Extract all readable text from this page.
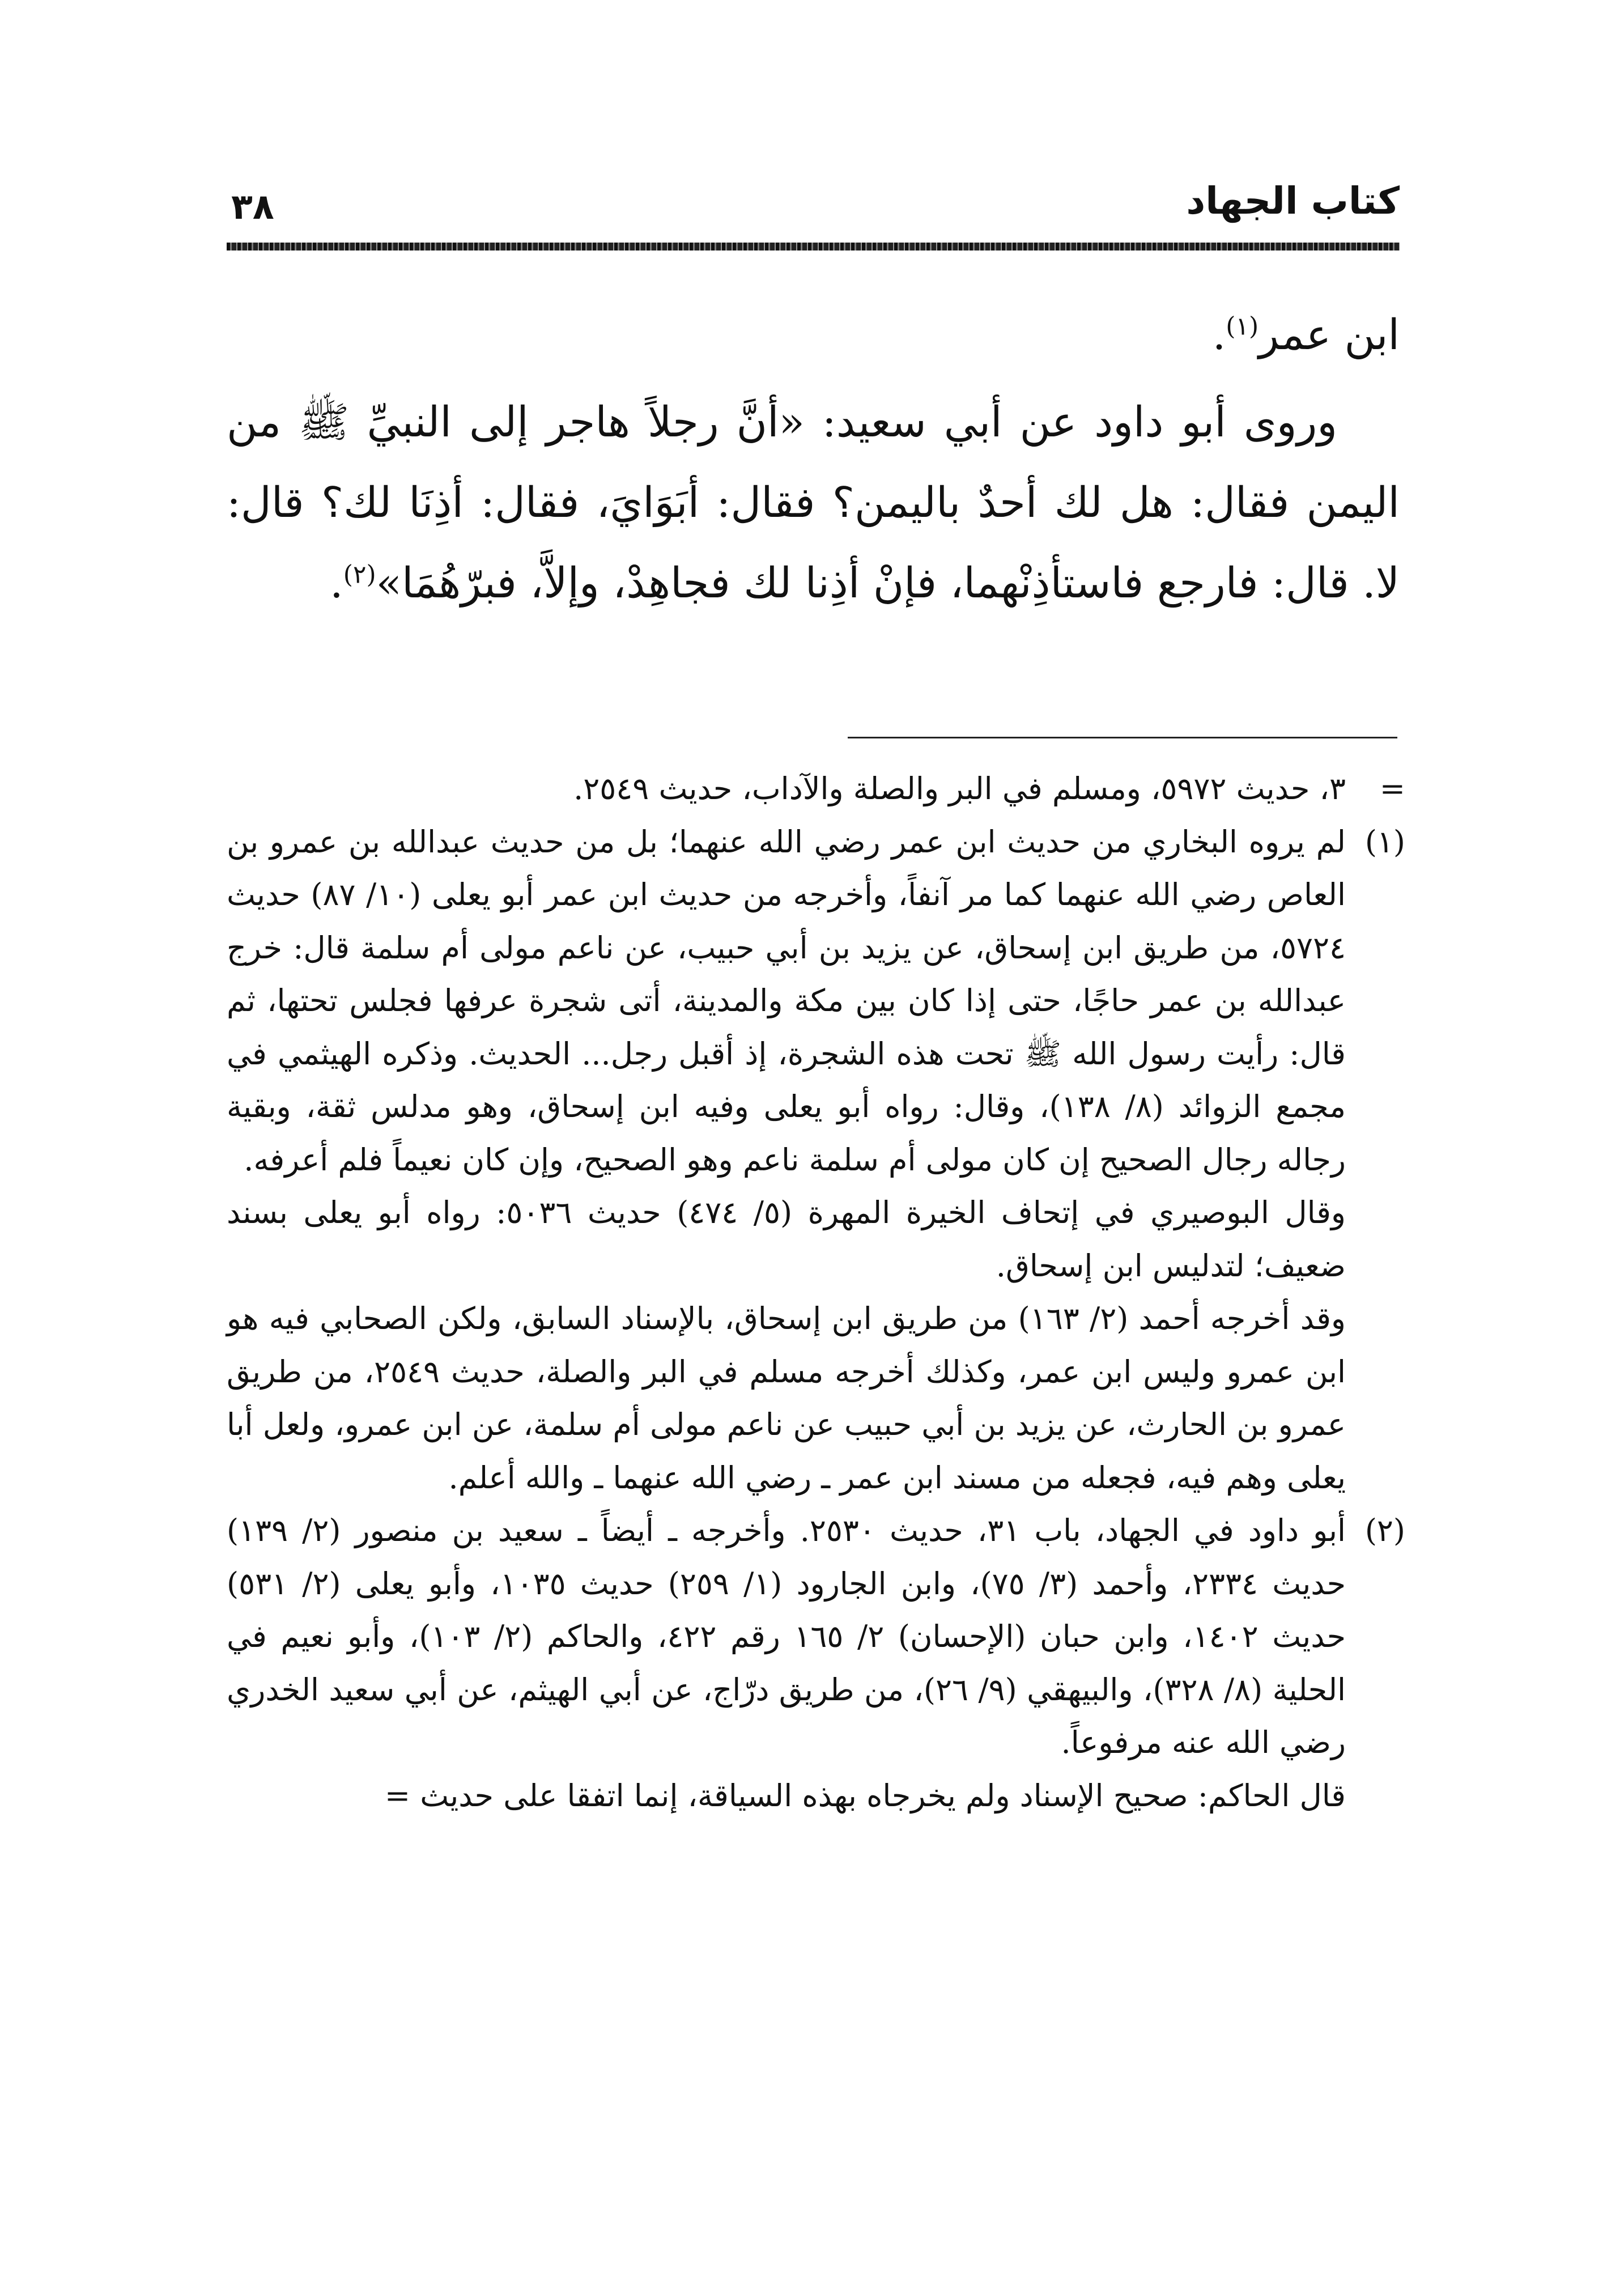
كتاب الجهاد
٣٨

ابن عمر$^{(١)}$.

وروى أبو داود عن أبي سعيد: «أنَّ رجلاً هاجر إلى النبيِّ ﷺ من اليمن فقال: هل لك أحدٌ باليمن؟ فقال: أبَوَايَ، فقال: أذِنَا لك؟ قال: لا. قال: فارجع فاستأذِنْهما، فإنْ أذِنا لك فجاهِدْ، وإلاَّ، فبرّهُمَا»$^{(٢)}$.

=
٣، حديث ٥٩٧٢، ومسلم في البر والصلة والآداب، حديث ٢٥٤٩.

(١)
لم يروه البخاري من حديث ابن عمر رضي الله عنهما؛ بل من حديث عبدالله بن عمرو بن العاص رضي الله عنهما كما مر آنفاً، وأخرجه من حديث ابن عمر أبو يعلى (١٠/ ٨٧) حديث ٥٧٢٤، من طريق ابن إسحاق، عن يزيد بن أبي حبيب، عن ناعم مولى أم سلمة قال: خرج عبدالله بن عمر حاجًا، حتى إذا كان بين مكة والمدينة، أتى شجرة عرفها فجلس تحتها، ثم قال: رأيت رسول الله ﷺ تحت هذه الشجرة، إذ أقبل رجل... الحديث. وذكره الهيثمي في مجمع الزوائد (٨/ ١٣٨)، وقال: رواه أبو يعلى وفيه ابن إسحاق، وهو مدلس ثقة، وبقية رجاله رجال الصحيح إن كان مولى أم سلمة ناعم وهو الصحيح، وإن كان نعيماً فلم أعرفه.

وقال البوصيري في إتحاف الخيرة المهرة (٥/ ٤٧٤) حديث ٥٠٣٦: رواه أبو يعلى بسند ضعيف؛ لتدليس ابن إسحاق.

وقد أخرجه أحمد (٢/ ١٦٣) من طريق ابن إسحاق، بالإسناد السابق، ولكن الصحابي فيه هو ابن عمرو وليس ابن عمر، وكذلك أخرجه مسلم في البر والصلة، حديث ٢٥٤٩، من طريق عمرو بن الحارث، عن يزيد بن أبي حبيب عن ناعم مولى أم سلمة، عن ابن عمرو، ولعل أبا يعلى وهم فيه، فجعله من مسند ابن عمر ـ رضي الله عنهما ـ والله أعلم.

(٢)
أبو داود في الجهاد، باب ٣١، حديث ٢٥٣٠. وأخرجه ـ أيضاً ـ سعيد بن منصور (٢/ ١٣٩) حديث ٢٣٣٤، وأحمد (٣/ ٧٥)، وابن الجارود (١/ ٢٥٩) حديث ١٠٣٥، وأبو يعلى (٢/ ٥٣١) حديث ١٤٠٢، وابن حبان (الإحسان) ٢/ ١٦٥ رقم ٤٢٢، والحاكم (٢/ ١٠٣)، وأبو نعيم في الحلية (٨/ ٣٢٨)، والبيهقي (٩/ ٢٦)، من طريق درّاج، عن أبي الهيثم، عن أبي سعيد الخدري رضي الله عنه مرفوعاً.

قال الحاكم: صحيح الإسناد ولم يخرجاه بهذه السياقة، إنما اتفقا على حديث =
